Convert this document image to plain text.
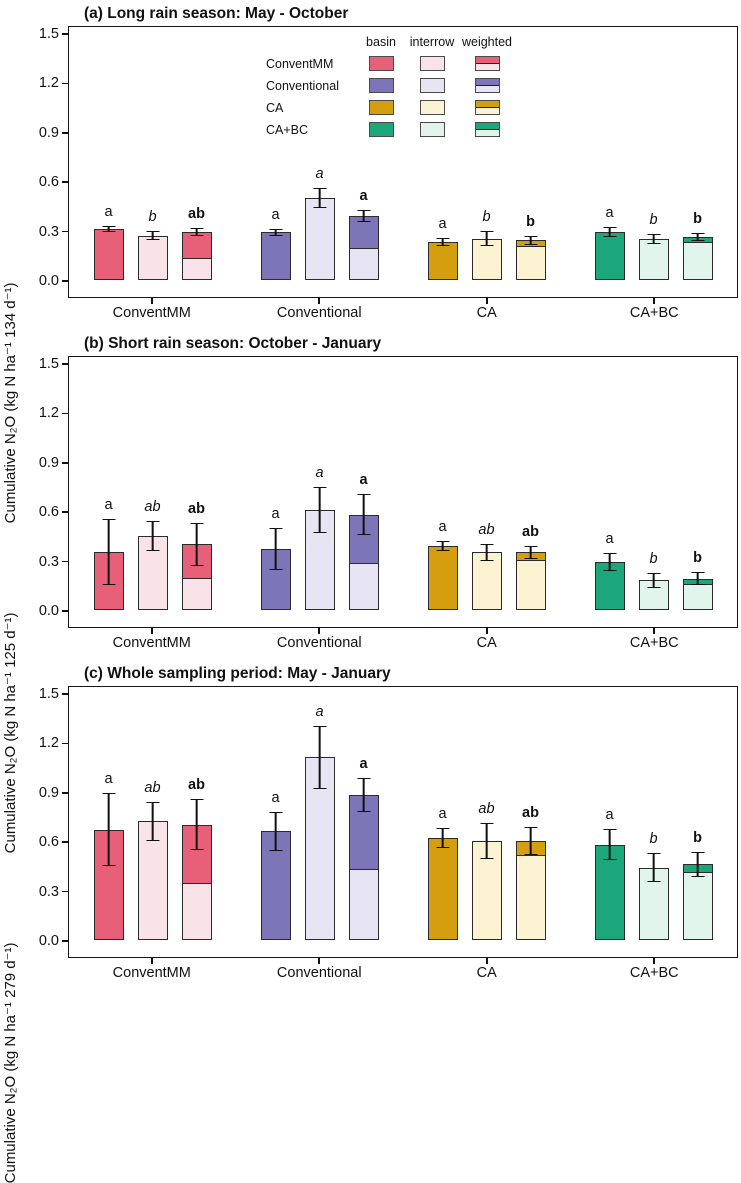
(a) Long rain season: May - October
Cumulative N₂O (kg N ha⁻¹ 134 d⁻¹)
0.0
0.3
0.6
0.9
1.2
1.5	basin	interrow weighted
ConventMM
Conventional
CA
CA+BC
a b ab	a
a
a
a b b
a b b
ConventMM	Conventional	CA	CA+BC
(b) Short rain season: October - January
Cumulative N₂O (kg N ha⁻¹ 125 d⁻¹)
0.0
0.3
0.6
0.9
1.2
1.5
a ab ab	a
a a
a ab ab	a
b b
ConventMM	Conventional	CA	CA+BC
(c) Whole sampling period: May - January
Cumulative N₂O (kg N ha⁻¹ 279 d⁻¹)
0.0
0.3
0.6
0.9
1.2
1.5
a
ab ab
a
a
a
a ab ab	a
b b
ConventMM	Conventional	CA	CA+BC
